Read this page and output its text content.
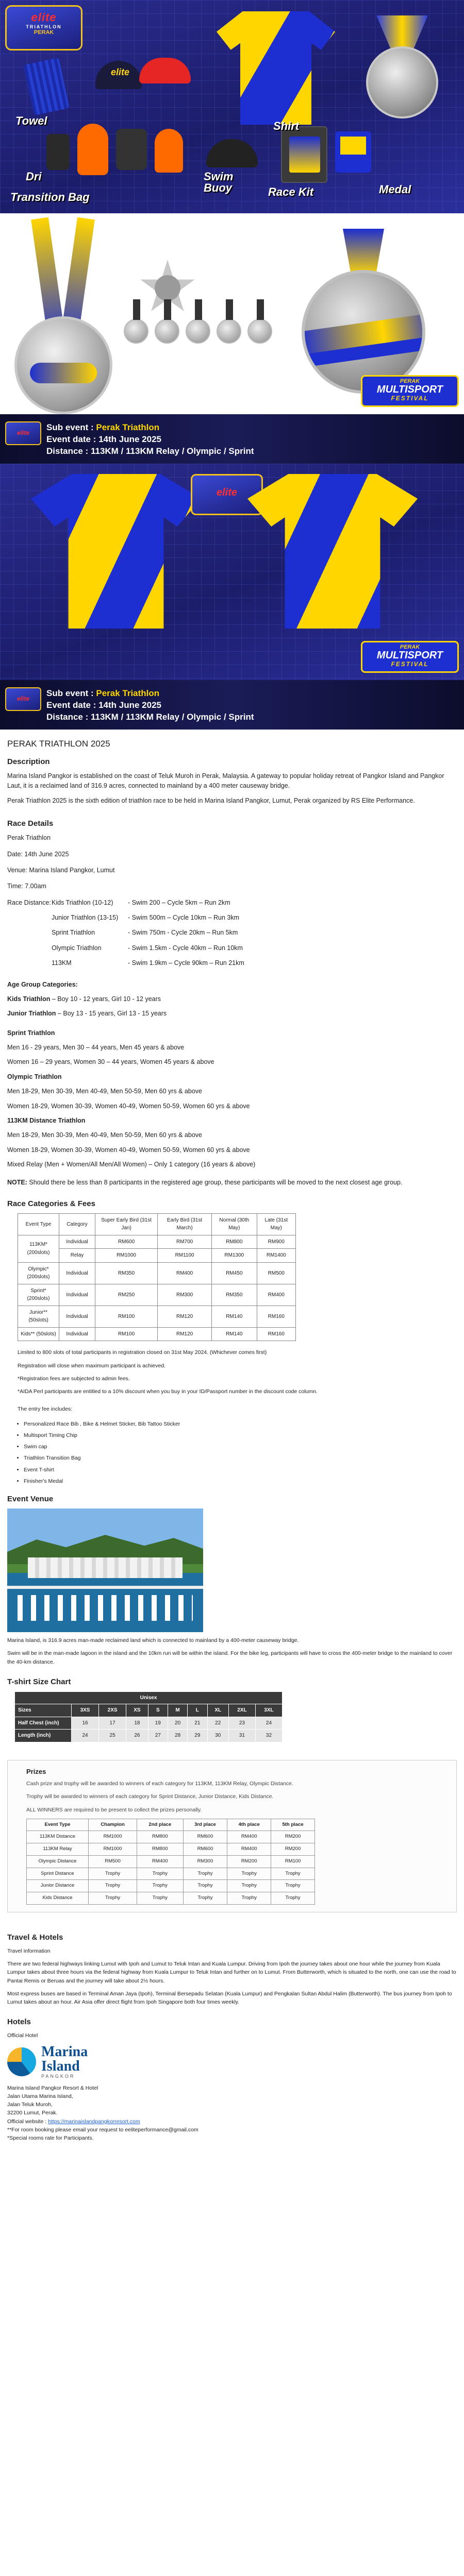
elite
TRIATHLON
PERAK
elite
Towel	Shirt
Dri	Swim Buoy	Race Kit	Medal
Transition Bag
PERAK
MULTISPORT
FESTIVAL
elite
Sub event : Perak Triathlon
Event date : 14th June 2025
Distance : 113KM / 113KM Relay / Olympic / Sprint
elite
PERAK
MULTISPORT
FESTIVAL
elite
Sub event : Perak Triathlon
Event date : 14th June 2025
Distance : 113KM / 113KM Relay / Olympic / Sprint
PERAK TRIATHLON 2025
Description

Marina Island Pangkor is established on the coast of Teluk Muroh in Perak, Malaysia. A gateway to popular holiday retreat of Pangkor Island and Pangkor Laut, it is a reclaimed land of 316.9 acres, connected to mainland by a 400 meter causeway bridge.

Perak Triathlon 2025 is the sixth edition of triathlon race to be held in Marina Island Pangkor, Lumut, Perak organized by RS Elite Performance.

Race Details

Perak Triathlon

Date: 14th June 2025

Venue: Marina Island Pangkor, Lumut

Time: 7.00am

Race Distance: Kids Triathlon (10-12)	- Swim 200 – Cycle 5km – Run 2km
Junior Triathlon (13-15)	- Swim 500m – Cycle 10km – Run 3km
Sprint Triathlon	- Swim 750m - Cycle 20km – Run 5km
Olympic Triathlon	- Swim 1.5km - Cycle 40km – Run 10km
113KM	- Swim 1.9km – Cycle 90km – Run 21km

Age Group Categories:

Kids Triathlon – Boy 10 - 12 years, Girl 10 - 12 years

Junior Triathlon – Boy 13 - 15 years, Girl 13 - 15 years

Sprint Triathlon

Men 16 - 29 years, Men 30 – 44 years, Men 45 years & above

Women 16 – 29 years, Women 30 – 44 years, Women 45 years & above

Olympic Triathlon

Men 18-29, Men 30-39, Men 40-49, Men 50-59, Men 60 yrs & above

Women 18-29, Women 30-39, Women 40-49, Women 50-59, Women 60 yrs & above

113KM Distance Triathlon

Men 18-29, Men 30-39, Men 40-49, Men 50-59, Men 60 yrs & above

Women 18-29, Women 30-39, Women 40-49, Women 50-59, Women 60 yrs & above

Mixed Relay (Men + Women/All Men/All Women) – Only 1 category (16 years & above)

NOTE: Should there be less than 8 participants in the registered age group, these participants will be moved to the next closest age group.

Race Categories & Fees
Event Type	Category	Super Early Bird (31st Jan)	Early Bird (31st March)	Normal (30th May)	Late (31st May)
113KM* (200slots)	Individual	RM600	RM700	RM800	RM900
	Relay	RM1000	RM1100	RM1300	RM1400
Olympic* (200slots)	Individual	RM350	RM400	RM450	RM500
Sprint* (200slots)	Individual	RM250	RM300	RM350	RM400
Junior** (50slots)	Individual	RM100	RM120	RM140	RM160
Kids** (50slots)	Individual	RM100	RM120	RM140	RM160

Limited to 800 slots of total participants in registration closed on 31st May 2024. (Whichever comes first)

Registration will close when maximum participant is achieved.

*Registration fees are subjected to admin fees.

*AIDA Perl participants are entitled to a 10% discount when you buy in your ID/Passport number in the discount code column.

The entry fee includes:

• Personalized Race Bib , Bike & Helmet Sticker, Bib Tattoo Sticker
• Multisport Timing Chip
• Swim cap
• Triathlon Transition Bag
• Event T-shirt
• Finisher's Medal
Event Venue

Marina Island, is 316.9 acres man-made reclaimed land which is connected to mainland by a 400-meter causeway bridge.

Swim will be in the man-made lagoon in the island and the 10km run will be within the island. For the bike leg, participants will have to cross the 400-meter bridge to the mainland to cover the 40-km distance.

T-shirt Size Chart
Unisex									
Sizes	3XS	2XS	XS	S	M	L	XL	2XL	3XL
Half Chest (inch)	16	17	18	19	20	21	22	23	24
Length (inch)	24	25	26	27	28	29	30	31	32
Prizes

Cash prize and trophy will be awarded to winners of each category for 113KM, 113KM Relay, Olympic Distance.

Trophy will be awarded to winners of each category for Sprint Distance, Junior Distance, Kids Distance.

ALL WINNERS are required to be present to collect the prizes personally.

Event Type	Champion	2nd place	3rd place	4th place	5th place
113KM Distance	RM1000	RM800	RM600	RM400	RM200
113KM Relay	RM1000	RM800	RM600	RM400	RM200
Olympic Distance	RM500	RM400	RM300	RM200	RM100
Sprint Distance	Trophy	Trophy	Trophy	Trophy	Trophy
Junior Distance	Trophy	Trophy	Trophy	Trophy	Trophy
Kids Distance	Trophy	Trophy	Trophy	Trophy	Trophy
Travel & Hotels

Travel information

There are two federal highways linking Lumut with Ipoh and Lumut to Teluk Intan and Kuala Lumpur. Driving from Ipoh the journey takes about one hour while the journey from Kuala Lumpur takes about three hours via the federal highway from Kuala Lumpur to Teluk Intan and further on to Lumut. From Butterworth, which is situated to the north, one can use the road to Pantai Remis or Beruas and the journey will take about 2½ hours.

Most express buses are based in Terminal Aman Jaya (Ipoh), Terminal Bersepadu Selatan (Kuala Lumpur) and Pengkalan Sultan Abdul Halim (Butterworth). The bus journey from Ipoh to Lumut takes about an hour. Air Asia offer direct flight from Ipoh Singapore both four times weekly.

Hotels

Official Hotel

Marina
Island
PANGKOR

Marina Island Pangkor Resort & Hotel

Jalan Utama Marina Island,

Jalan Teluk Muroh,

32200 Lumut, Perak.

Official website : https://marinaislandpangkorresort.com

**For room booking please email your request to eeliteperformance@gmail.com

*Special rooms rate for Participants.
